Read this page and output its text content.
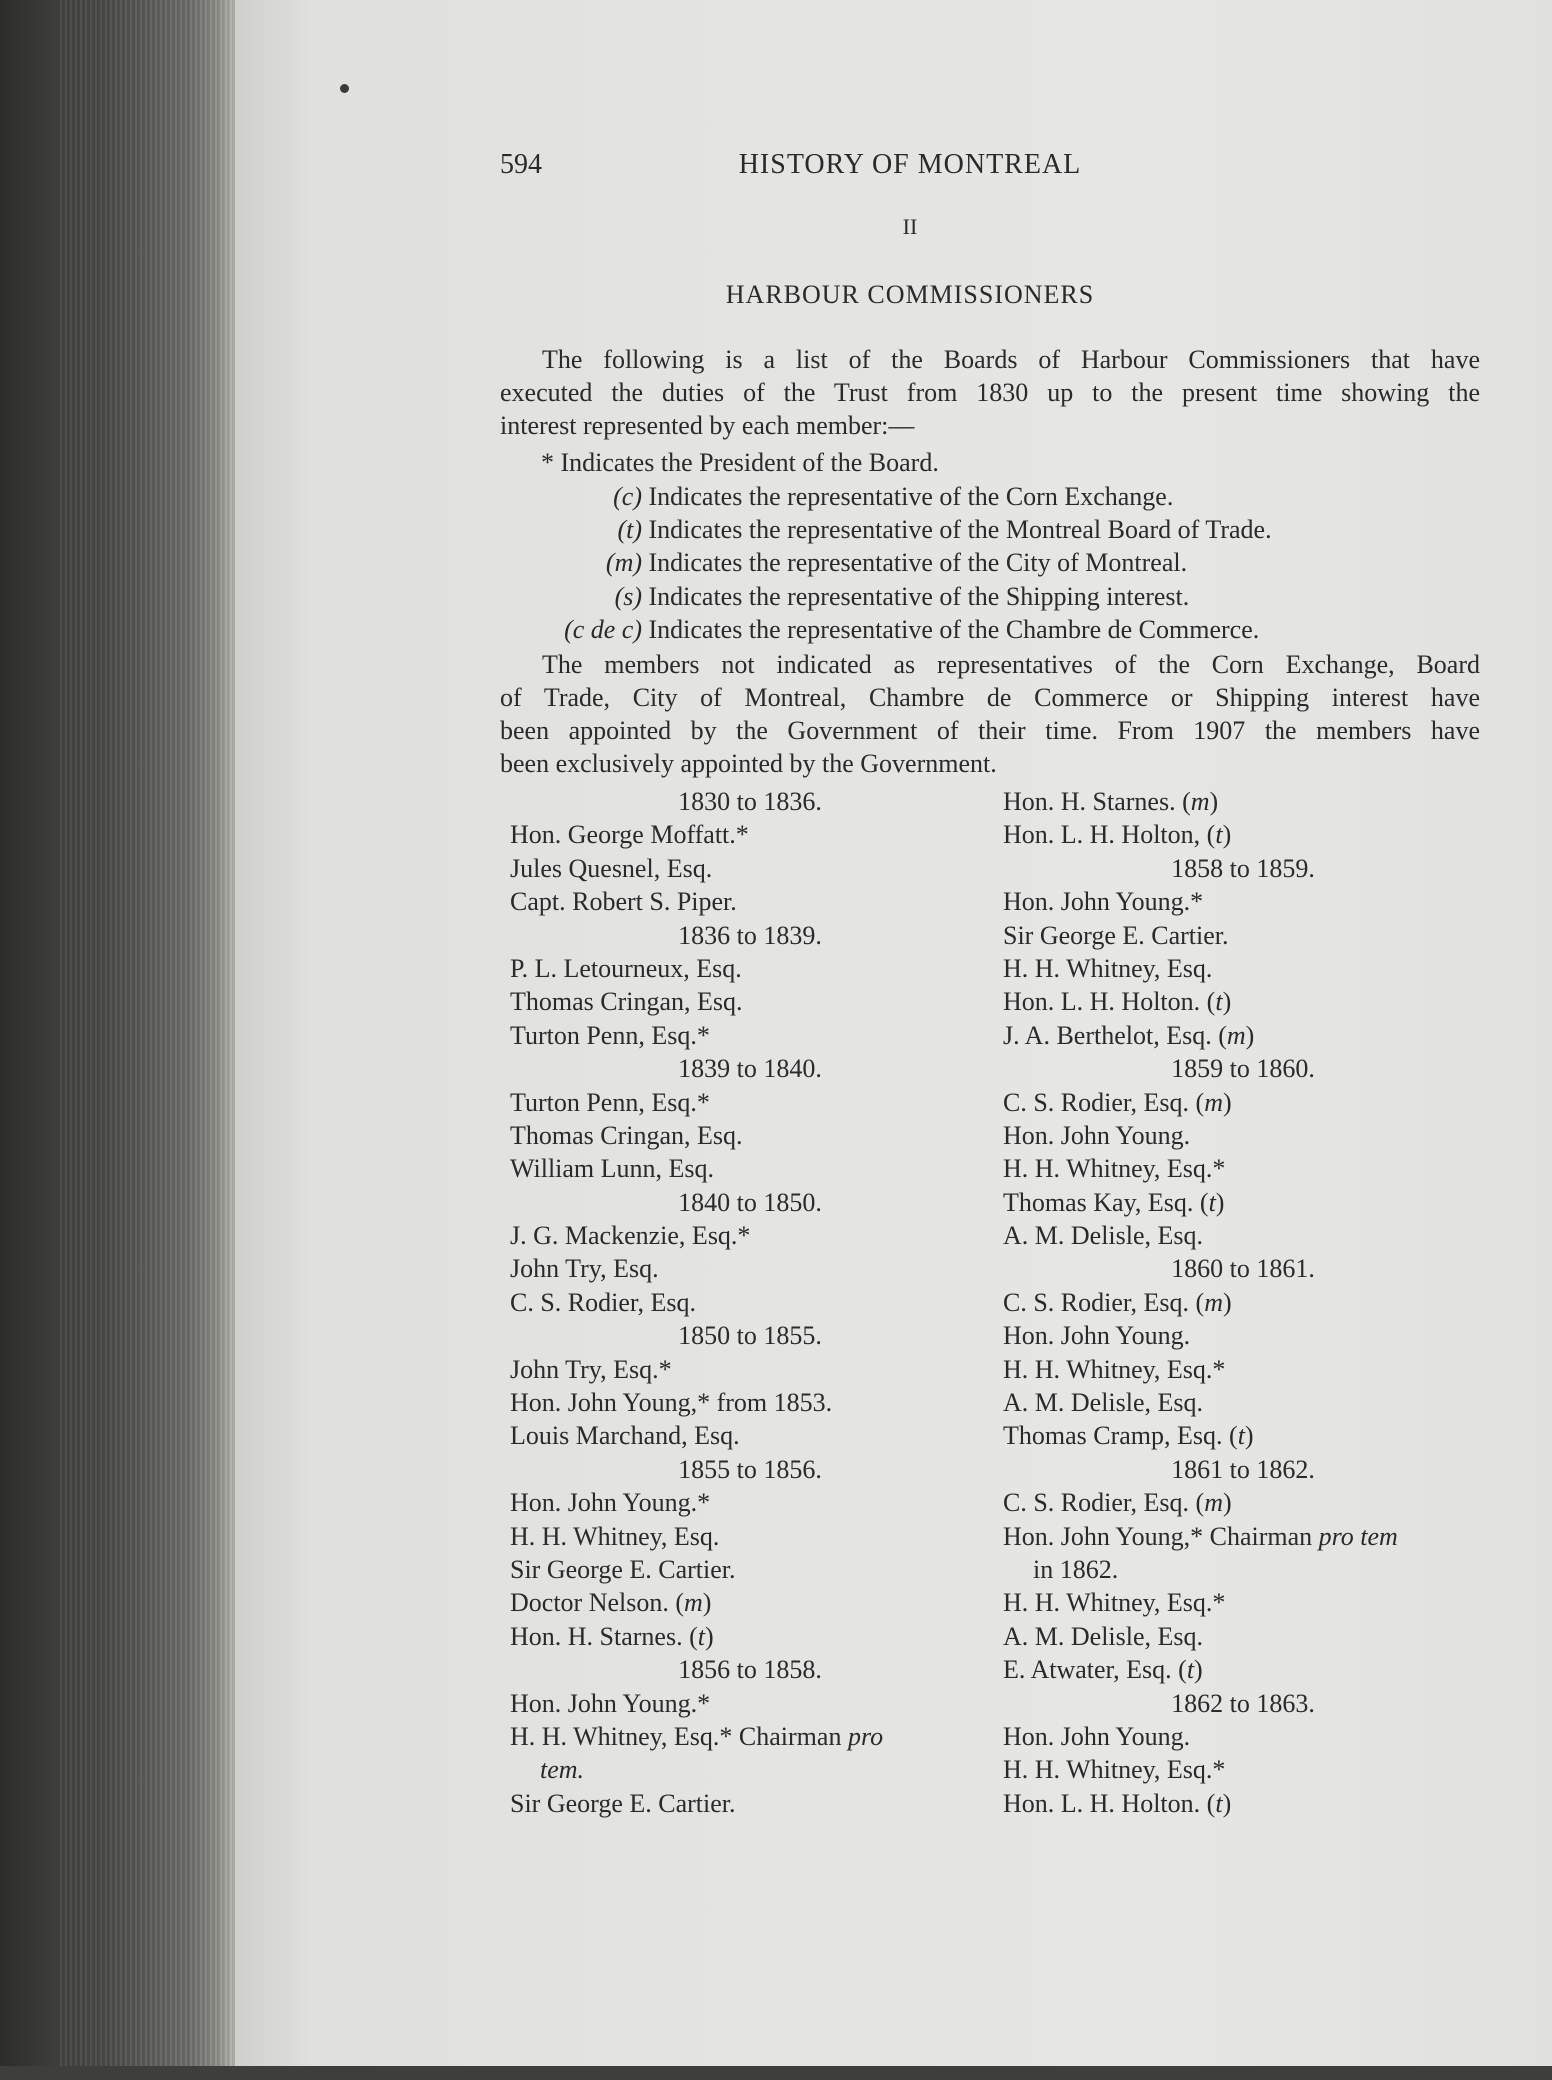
594	HISTORY OF MONTREAL
II
HARBOUR COMMISSIONERS
The following is a list of the Boards of Harbour Commissioners that have
executed the duties of the Trust from 1830 up to the present time showing the
interest represented by each member:—
* Indicates the President of the Board.
(c) Indicates the representative of the Corn Exchange.
(t) Indicates the representative of the Montreal Board of Trade.
(m) Indicates the representative of the City of Montreal.
(s) Indicates the representative of the Shipping interest.
(c de c) Indicates the representative of the Chambre de Commerce.
The members not indicated as representatives of the Corn Exchange, Board
of Trade, City of Montreal, Chambre de Commerce or Shipping interest have
been appointed by the Government of their time. From 1907 the members have
been exclusively appointed by the Government.
1830 to 1836.
Hon. George Moffatt.*
Jules Quesnel, Esq.
Capt. Robert S. Piper.
1836 to 1839.
P. L. Letourneux, Esq.
Thomas Cringan, Esq.
Turton Penn, Esq.*
1839 to 1840.
Turton Penn, Esq.*
Thomas Cringan, Esq.
William Lunn, Esq.
1840 to 1850.
J. G. Mackenzie, Esq.*
John Try, Esq.
C. S. Rodier, Esq.
1850 to 1855.
John Try, Esq.*
Hon. John Young,* from 1853.
Louis Marchand, Esq.
1855 to 1856.
Hon. John Young.*
H. H. Whitney, Esq.
Sir George E. Cartier.
Doctor Nelson. (m)
Hon. H. Starnes. (t)
1856 to 1858.
Hon. John Young.*
H. H. Whitney, Esq.* Chairman pro
tem.
Sir George E. Cartier.
Hon. H. Starnes. (m)
Hon. L. H. Holton, (t)
1858 to 1859.
Hon. John Young.*
Sir George E. Cartier.
H. H. Whitney, Esq.
Hon. L. H. Holton. (t)
J. A. Berthelot, Esq. (m)
1859 to 1860.
C. S. Rodier, Esq. (m)
Hon. John Young.
H. H. Whitney, Esq.*
Thomas Kay, Esq. (t)
A. M. Delisle, Esq.
1860 to 1861.
C. S. Rodier, Esq. (m)
Hon. John Young.
H. H. Whitney, Esq.*
A. M. Delisle, Esq.
Thomas Cramp, Esq. (t)
1861 to 1862.
C. S. Rodier, Esq. (m)
Hon. John Young,* Chairman pro tem
in 1862.
H. H. Whitney, Esq.*
A. M. Delisle, Esq.
E. Atwater, Esq. (t)
1862 to 1863.
Hon. John Young.
H. H. Whitney, Esq.*
Hon. L. H. Holton. (t)
